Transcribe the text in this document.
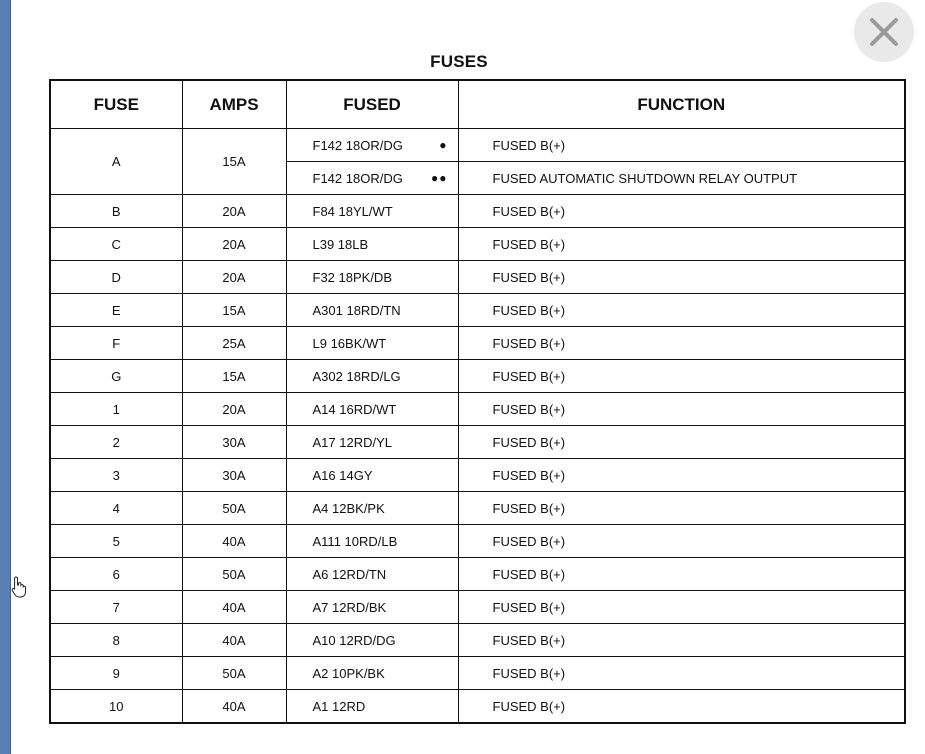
FUSES
FUSE	AMPS	FUSED	FUNCTION
A	15A	F142 18OR/DG ●	FUSED B(+)
		F142 18OR/DG ●●	FUSED AUTOMATIC SHUTDOWN RELAY OUTPUT
B	20A	F84 18YL/WT	FUSED B(+)
C	20A	L39 18LB	FUSED B(+)
D	20A	F32 18PK/DB	FUSED B(+)
E	15A	A301 18RD/TN	FUSED B(+)
F	25A	L9 16BK/WT	FUSED B(+)
G	15A	A302 18RD/LG	FUSED B(+)
1	20A	A14 16RD/WT	FUSED B(+)
2	30A	A17 12RD/YL	FUSED B(+)
3	30A	A16 14GY	FUSED B(+)
4	50A	A4 12BK/PK	FUSED B(+)
5	40A	A111 10RD/LB	FUSED B(+)
6	50A	A6 12RD/TN	FUSED B(+)
7	40A	A7 12RD/BK	FUSED B(+)
8	40A	A10 12RD/DG	FUSED B(+)
9	50A	A2 10PK/BK	FUSED B(+)
10	40A	A1 12RD	FUSED B(+)
